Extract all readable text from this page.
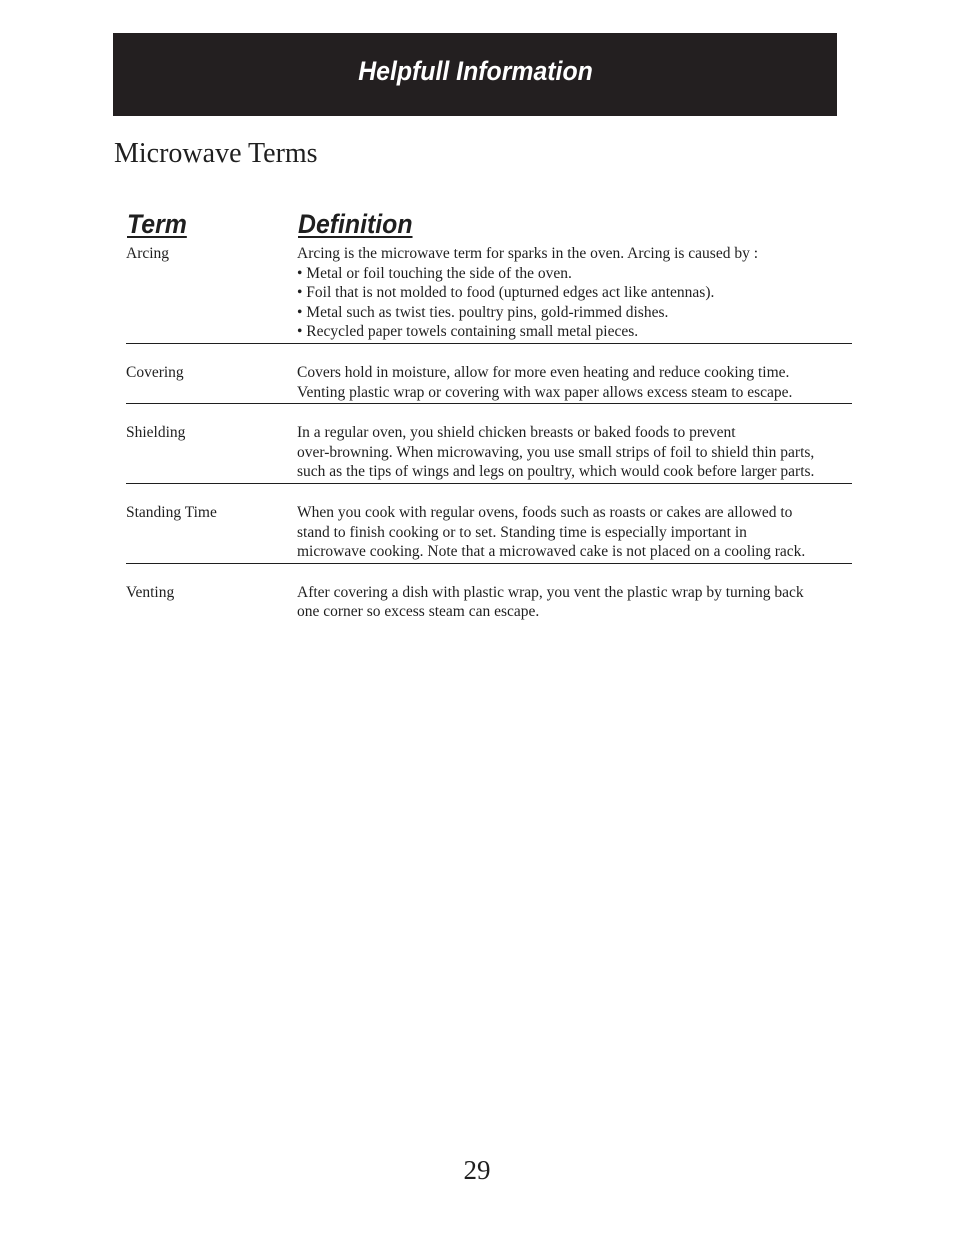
Helpfull Information
Microwave Terms
Term	Definition
Arcing	Arcing is the microwave term for sparks in the oven. Arcing is caused by :
• Metal or foil touching the side of the oven.
• Foil that is not molded to food (upturned edges act like antennas).
• Metal such as twist ties. poultry pins, gold-rimmed dishes.
• Recycled paper towels containing small metal pieces.
Covering	Covers hold in moisture, allow for more even heating and reduce cooking time.
Venting plastic wrap or covering with wax paper allows excess steam to escape.
Shielding	In a regular oven, you shield chicken breasts or baked foods to prevent
over-browning. When microwaving, you use small strips of foil to shield thin parts,
such as the tips of wings and legs on poultry, which would cook before larger parts.
Standing Time	When you cook with regular ovens, foods such as roasts or cakes are allowed to
stand to finish cooking or to set. Standing time is especially important in
microwave cooking. Note that a microwaved cake is not placed on a cooling rack.
Venting	After covering a dish with plastic wrap, you vent the plastic wrap by turning back
one corner so excess steam can escape.
29
